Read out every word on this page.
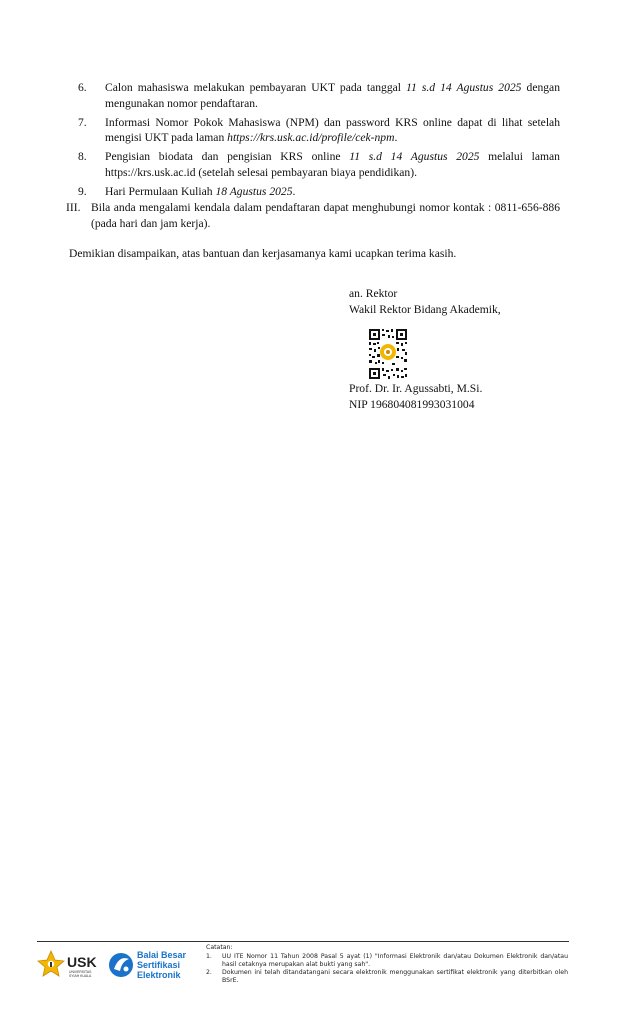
6.	Calon mahasiswa melakukan pembayaran UKT pada tanggal 11 s.d 14 Agustus 2025 dengan mengunakan nomor pendaftaran.
7.	Informasi Nomor Pokok Mahasiswa (NPM) dan password KRS online dapat di lihat setelah mengisi UKT pada laman https://krs.usk.ac.id/profile/cek-npm.
8.	Pengisian biodata dan pengisian KRS online 11 s.d 14 Agustus 2025 melalui laman https://krs.usk.ac.id (setelah selesai pembayaran biaya pendidikan).
9.	Hari Permulaan Kuliah 18 Agustus 2025.
III. Bila anda mengalami kendala dalam pendaftaran dapat menghubungi nomor kontak : 0811-656-886 (pada hari dan jam kerja).
Demikian disampaikan, atas bantuan dan kerjasamanya kami ucapkan terima kasih.
an. Rektor
Wakil Rektor Bidang Akademik,
Prof. Dr. Ir. Agussabti, M.Si.
NIP 196804081993031004
USK
UNIVERSITAS
SYIAH KUALA
Balai Besar
Sertifikasi
Elektronik
Catatan:
1.	UU ITE Nomor 11 Tahun 2008 Pasal 5 ayat (1) "Informasi Elektronik dan/atau Dokumen Elektronik dan/atau hasil cetaknya merupakan alat bukti yang sah".
2.	Dokumen ini telah ditandatangani secara elektronik menggunakan sertifikat elektronik yang diterbitkan oleh BSrE.
